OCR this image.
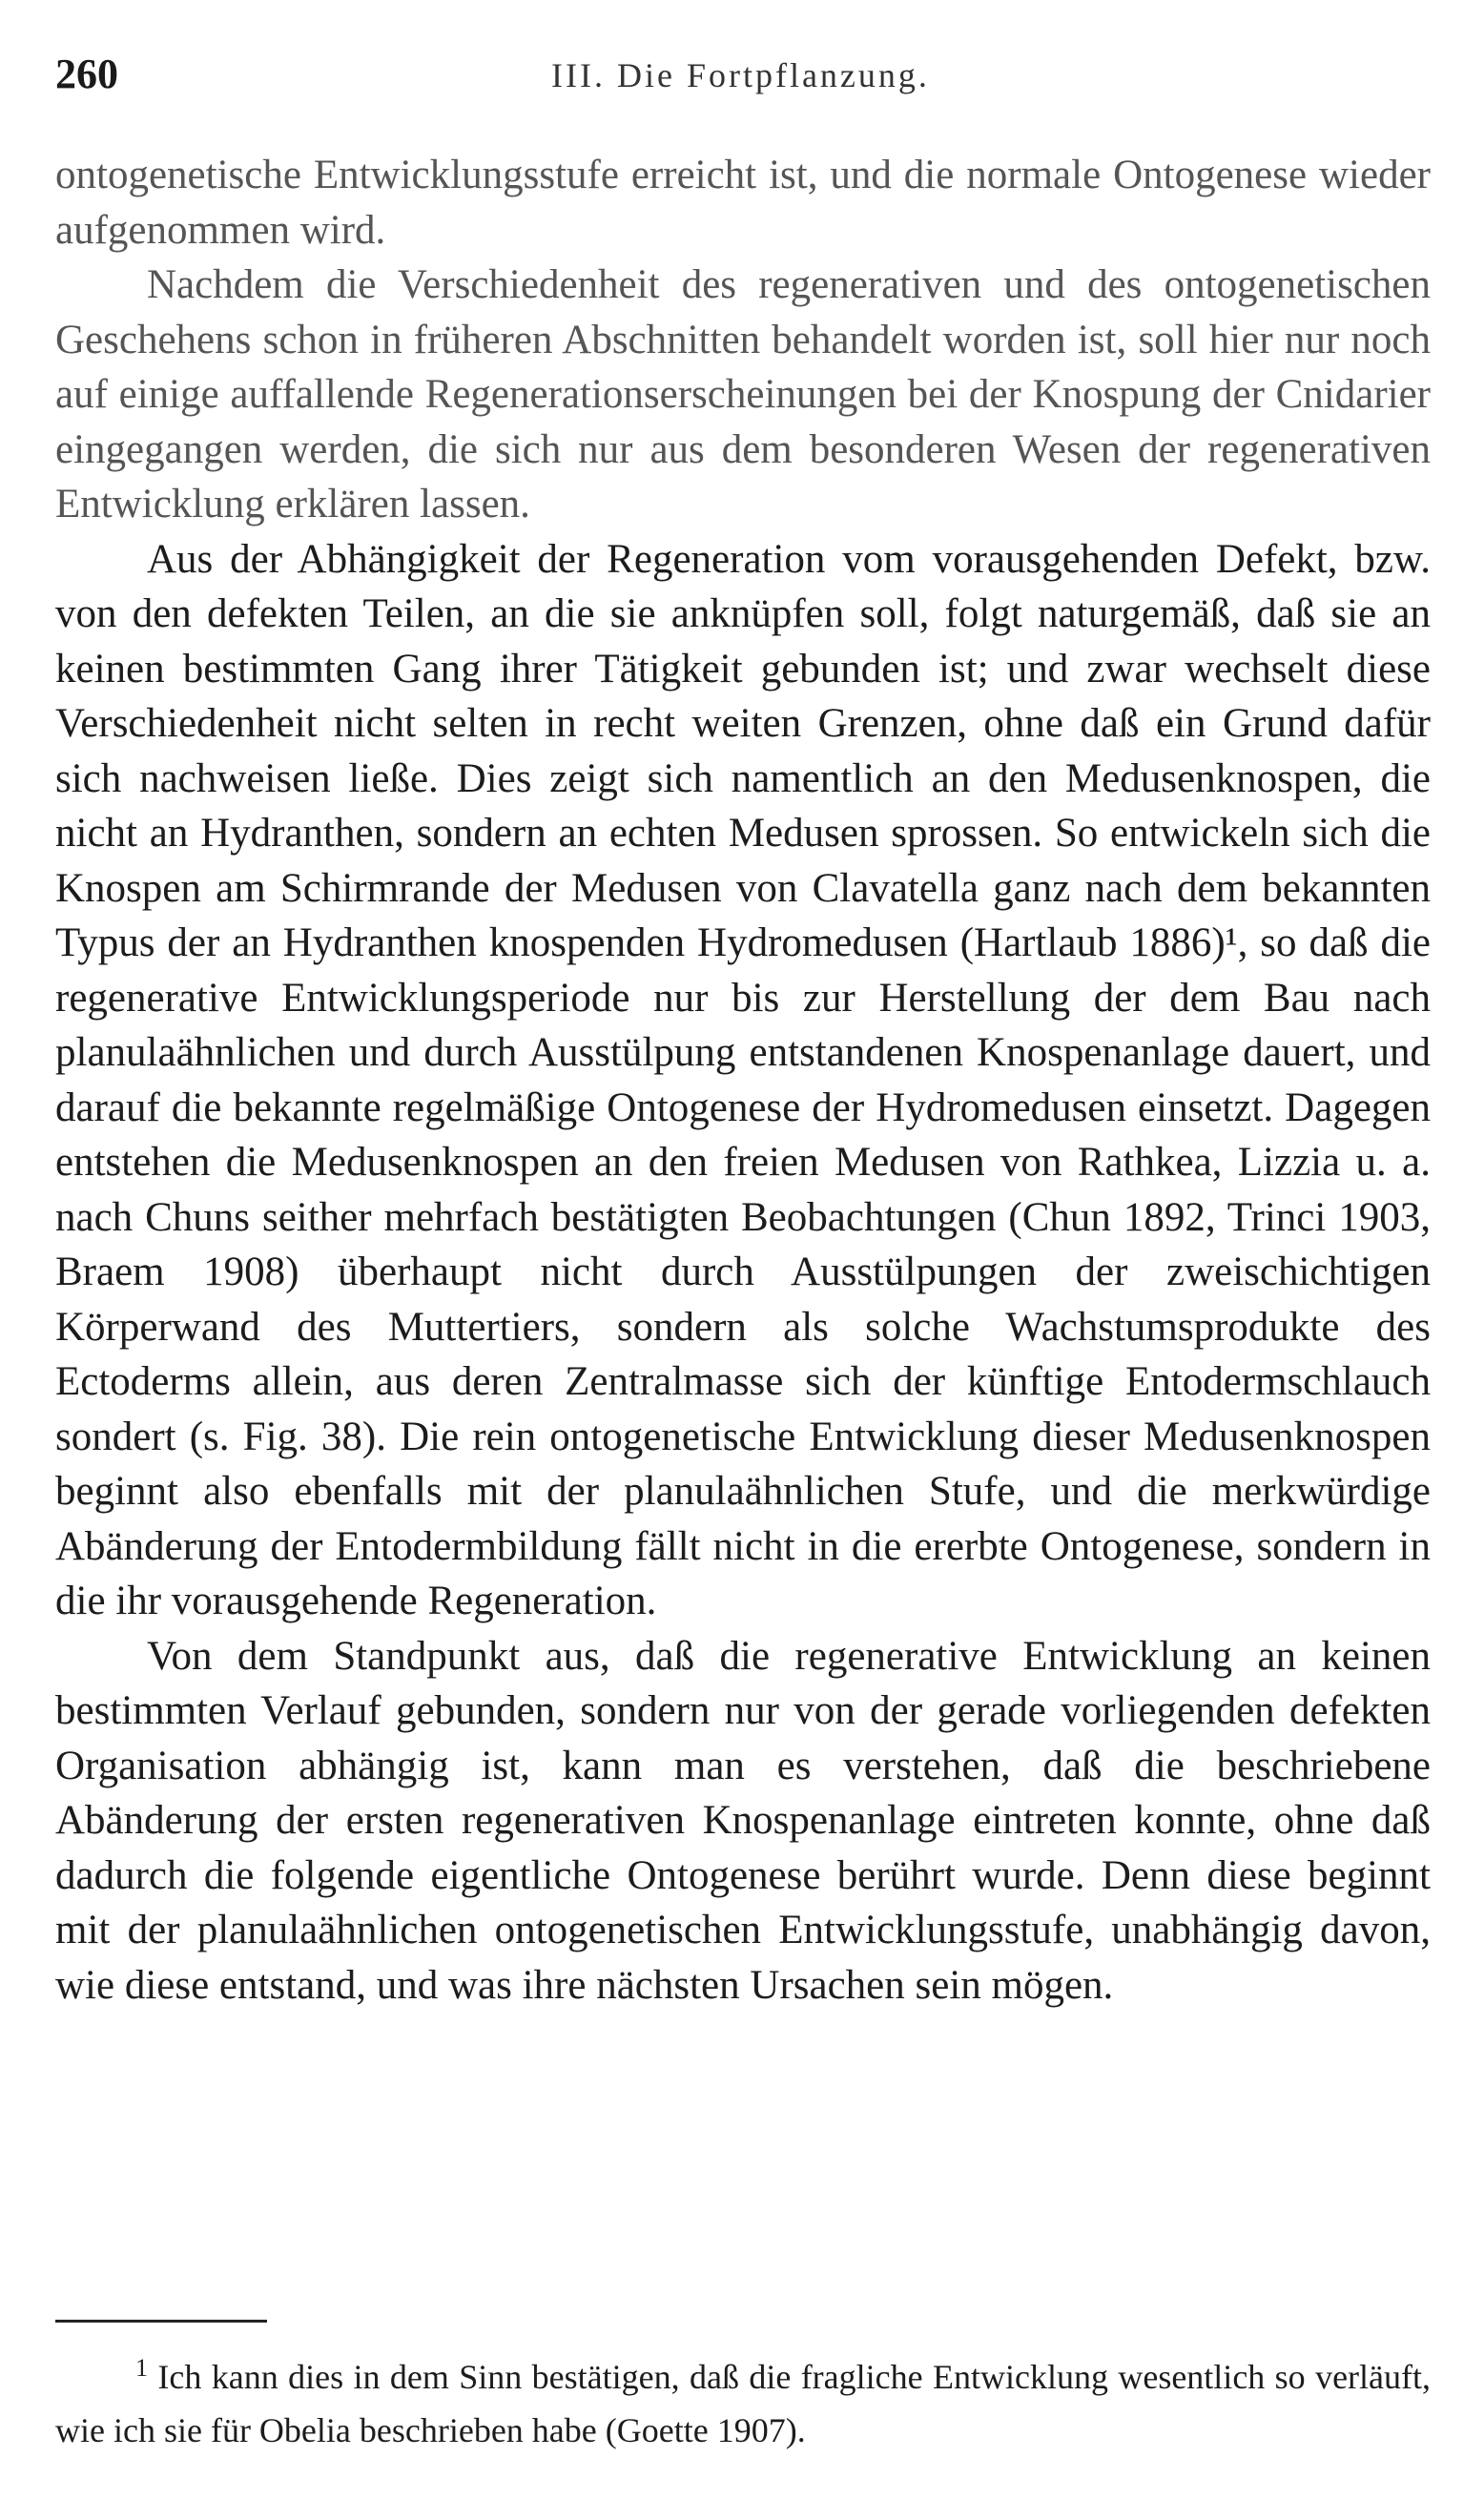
260	III. Die Fortpflanzung.

ontogenetische Entwicklungsstufe erreicht ist, und die normale Ontogenese wieder aufgenommen wird.

Nachdem die Verschiedenheit des regenerativen und des ontogenetischen Geschehens schon in früheren Abschnitten behandelt worden ist, soll hier nur noch auf einige auffallende Regenerationserscheinungen bei der Knospung der Cnidarier eingegangen werden, die sich nur aus dem besonderen Wesen der regenerativen Entwicklung erklären lassen.

Aus der Abhängigkeit der Regeneration vom vorausgehenden Defekt, bzw. von den defekten Teilen, an die sie anknüpfen soll, folgt naturgemäß, daß sie an keinen bestimmten Gang ihrer Tätigkeit gebunden ist; und zwar wechselt diese Verschiedenheit nicht selten in recht weiten Grenzen, ohne daß ein Grund dafür sich nachweisen ließe. Dies zeigt sich namentlich an den Medusenknospen, die nicht an Hydranthen, sondern an echten Medusen sprossen. So entwickeln sich die Knospen am Schirmrande der Medusen von Clavatella ganz nach dem bekannten Typus der an Hydranthen knospenden Hydromedusen (Hartlaub 1886)¹, so daß die regenerative Entwicklungsperiode nur bis zur Herstellung der dem Bau nach planulaähnlichen und durch Ausstülpung entstandenen Knospenanlage dauert, und darauf die bekannte regelmäßige Ontogenese der Hydromedusen einsetzt. Dagegen entstehen die Medusenknospen an den freien Medusen von Rathkea, Lizzia u. a. nach Chuns seither mehrfach bestätigten Beobachtungen (Chun 1892, Trinci 1903, Braem 1908) überhaupt nicht durch Ausstülpungen der zweischichtigen Körperwand des Muttertiers, sondern als solche Wachstumsprodukte des Ectoderms allein, aus deren Zentralmasse sich der künftige Entodermschlauch sondert (s. Fig. 38). Die rein ontogenetische Entwicklung dieser Medusenknospen beginnt also ebenfalls mit der planulaähnlichen Stufe, und die merkwürdige Abänderung der Entodermbildung fällt nicht in die ererbte Ontogenese, sondern in die ihr vorausgehende Regeneration.

Von dem Standpunkt aus, daß die regenerative Entwicklung an keinen bestimmten Verlauf gebunden, sondern nur von der gerade vorliegenden defekten Organisation abhängig ist, kann man es verstehen, daß die beschriebene Abänderung der ersten regenerativen Knospenanlage eintreten konnte, ohne daß dadurch die folgende eigentliche Ontogenese berührt wurde. Denn diese beginnt mit der planulaähnlichen ontogenetischen Entwicklungsstufe, unabhängig davon, wie diese entstand, und was ihre nächsten Ursachen sein mögen.

$^1$ Ich kann dies in dem Sinn bestätigen, daß die fragliche Entwicklung wesentlich so verläuft, wie ich sie für Obelia beschrieben habe (Goette 1907).
